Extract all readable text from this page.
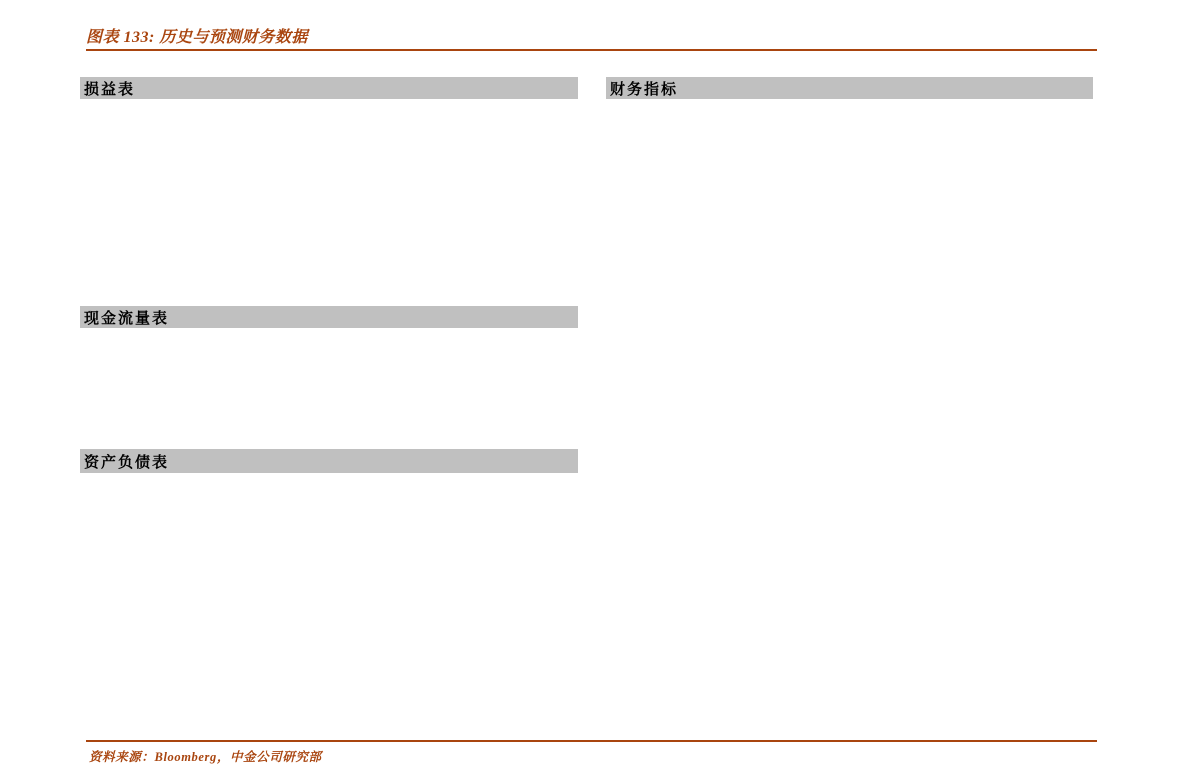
图表 133: 历史与预测财务数据
损益表	财务指标
现金流量表
资产负债表
资料来源：Bloomberg，中金公司研究部
